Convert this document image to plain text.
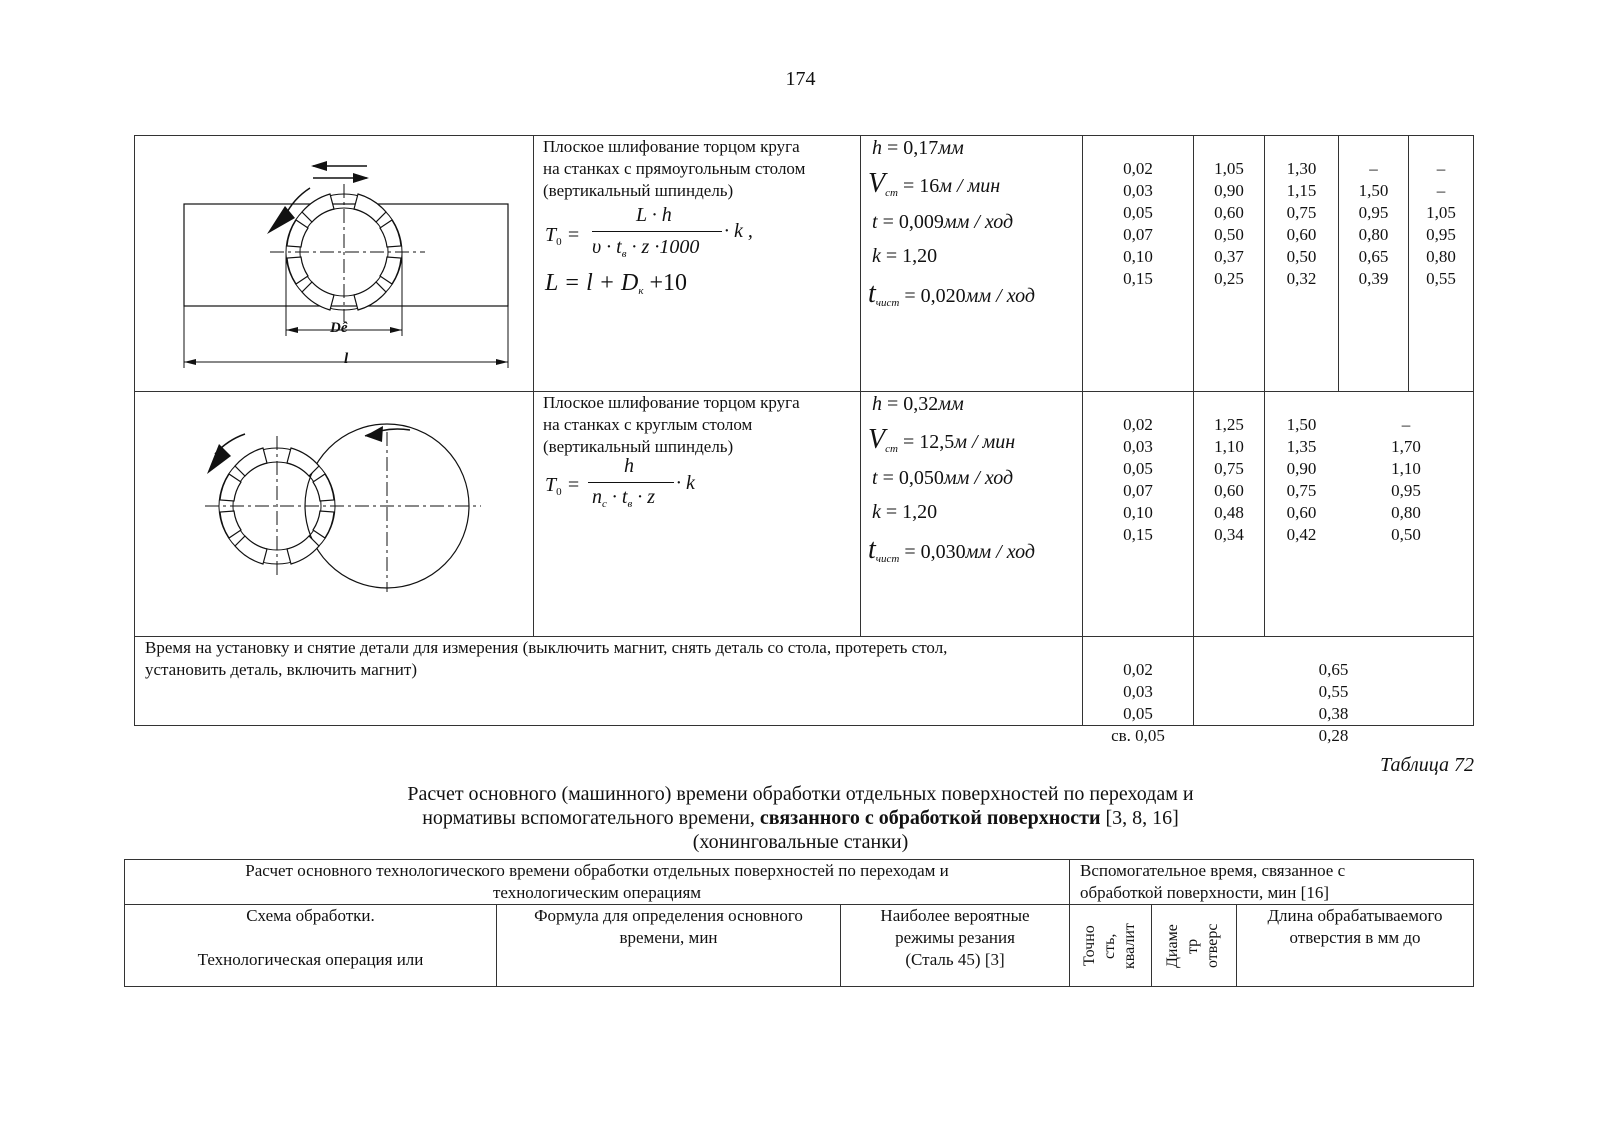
174
Dê
l
Плоское шлифование торцом круга
на станках с прямоугольным столом
(вертикальный шпиндель)
$T_0$ =
L · h
$\upsilon \cdot t_в \cdot z \cdot 1000$
· k ,
$L = l + D_к +10$
h = 0,17мм
$V_{ст} = 16м$ / мин
t = 0,009мм / ход
k = 1,20
$t_{чист} = 0,020мм$ / ход

0,02
0,03
0,05
0,07
0,10
0,15

1,05
0,90
0,60
0,50
0,37
0,25

1,30
1,15
0,75
0,60
0,50
0,32

–
1,50
0,95
0,80
0,65
0,39

–
–
1,05
0,95
0,80
0,55

Плоское шлифование торцом круга
на станках с круглым столом
(вертикальный шпиндель)
$T_0$ =
h
$n_с \cdot t_в \cdot z$
· k
h = 0,32мм
$V_{ст} = 12,5м$ / мин
t = 0,050мм / ход
k = 1,20
$t_{чист} = 0,030мм$ / ход

0,02
0,03
0,05
0,07
0,10
0,15

1,25
1,10
0,75
0,60
0,48
0,34

1,50
1,35
0,90
0,75
0,60
0,42

–
1,70
1,10
0,95
0,80
0,50

Время на установку и снятие детали для измерения (выключить магнит, снять деталь со стола, протереть стол,
установить деталь, включить магнит)	0,02
0,03
0,05
св. 0,05

0,65
0,55
0,38
0,28

Таблица 72
Расчет основного (машинного) времени обработки отдельных поверхностей по переходам и
нормативы вспомогательного времени, связанного с обработкой поверхности [3, 8, 16]
(хонинговальные станки)
Расчет основного технологического времени обработки отдельных поверхностей по переходам и
технологическим операциям
Вспомогательное время, связанное с
обработкой поверхности, мин [16]
Схема обработки.

Технологическая операция или
Формула для определения основного
времени, мин
Наиболее вероятные
режимы резания
(Сталь 45) [3]	Точно
сть,
квалит Диаме
тр
отверс
Длина обрабатываемого
отверстия в мм до
